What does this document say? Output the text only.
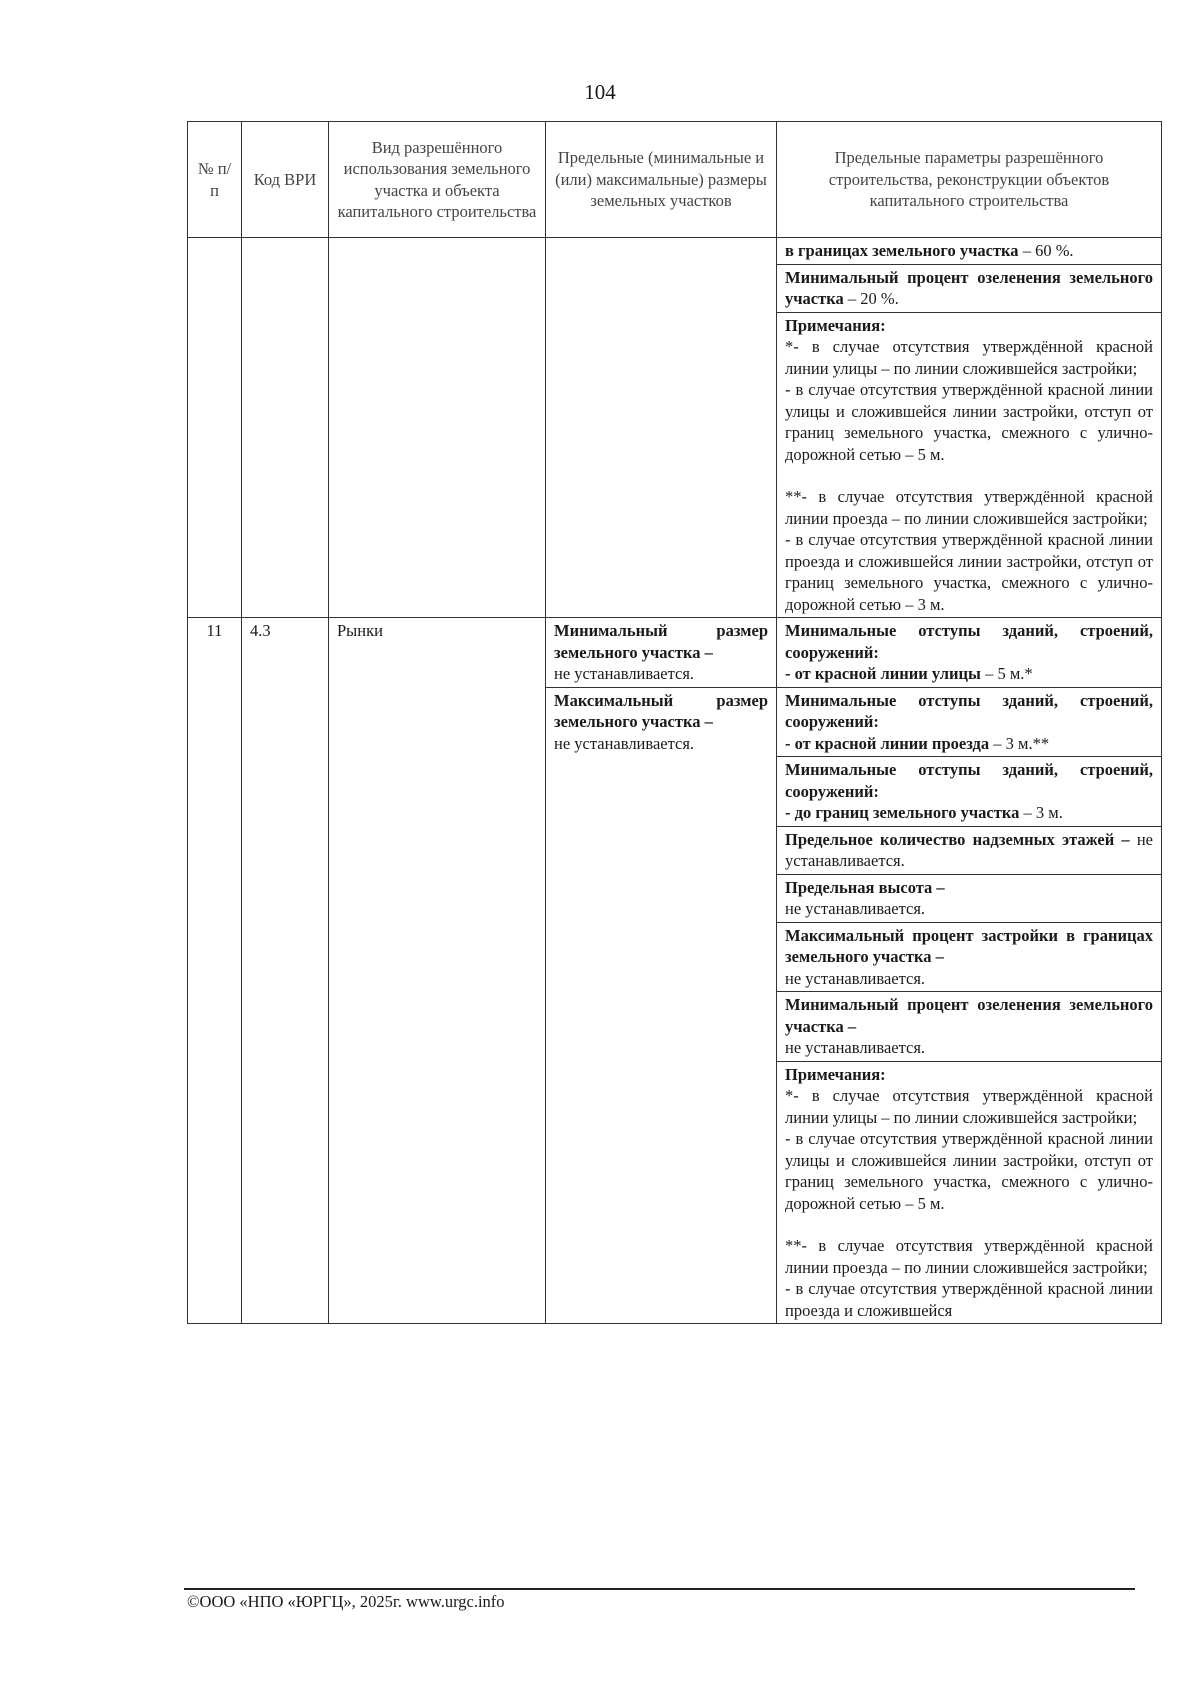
104
№ п/п	Код ВРИ	Вид разрешённого использования земельного участка и объекта капитального строительства	Предельные (минимальные и (или) максимальные) размеры земельных участков	Предельные параметры разрешённого строительства, реконструкции объектов капитального строительства
				в границах земельного участка – 60 %.
				Минимальный процент озеленения земельного участка – 20 %.

				Примечания:
*- в случае отсутствия утверждённой красной линии улицы – по линии сложившейся застройки;
- в случае отсутствия утверждённой красной линии улицы и сложившейся линии застройки, отступ от границ земельного участка, смежного с улично-дорожной сетью – 5 м.
**- в случае отсутствия утверждённой красной линии проезда – по линии сложившейся застройки;
- в случае отсутствия утверждённой красной линии проезда и сложившейся линии застройки, отступ от границ земельного участка, смежного с улично-дорожной сетью – 3 м.

11	4.3	Рынки	Минимальный размер земельного участка –
не устанавливается.	Минимальные отступы зданий, строений, сооружений:
- от красной линии улицы – 5 м.*
			Максимальный размер земельного участка –
не устанавливается.	Минимальные отступы зданий, строений, сооружений:
- от красной линии проезда – 3 м.**
				Минимальные отступы зданий, строений, сооружений:
- до границ земельного участка – 3 м.
				Предельное количество надземных этажей – не устанавливается.
				Предельная высота –
не устанавливается.
				Максимальный процент застройки в границах земельного участка –
не устанавливается.
				Минимальный процент озеленения земельного участка –
не устанавливается.

				Примечания:
*- в случае отсутствия утверждённой красной линии улицы – по линии сложившейся застройки;
- в случае отсутствия утверждённой красной линии улицы и сложившейся линии застройки, отступ от границ земельного участка, смежного с улично-дорожной сетью – 5 м.
**- в случае отсутствия утверждённой красной линии проезда – по линии сложившейся застройки;
- в случае отсутствия утверждённой красной линии проезда и сложившейся
©ООО «НПО «ЮРГЦ», 2025г. www.urgc.info
